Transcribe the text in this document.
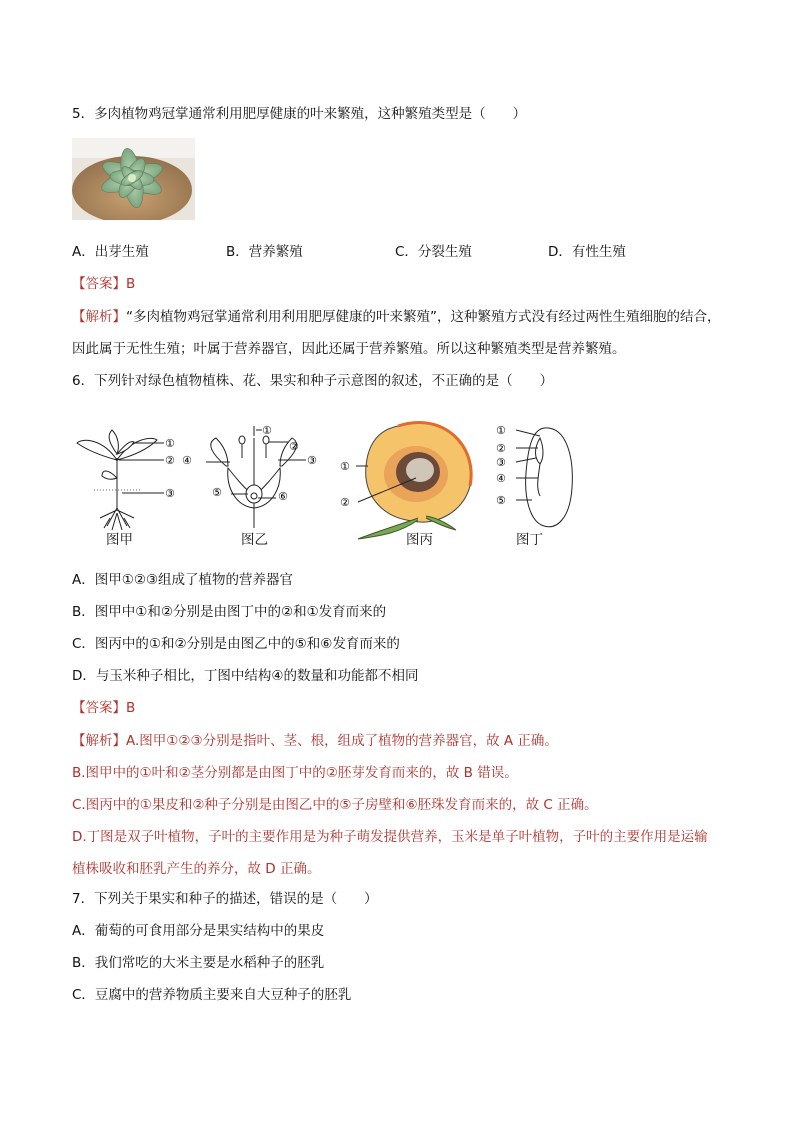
5．多肉植物鸡冠掌通常利用肥厚健康的叶来繁殖，这种繁殖类型是（　　）
A．出芽生殖	B．营养繁殖	C．分裂生殖	D．有性生殖
【答案】B
【解析】“多肉植物鸡冠掌通常利用利用肥厚健康的叶来繁殖”，这种繁殖方式没有经过两性生殖细胞的结合，
因此属于无性生殖；叶属于营养器官，因此还属于营养繁殖。所以这种繁殖类型是营养繁殖。
6．下列针对绿色植物植株、花、果实和种子示意图的叙述，不正确的是（　　）
①
②
③
①
②
③
④
⑤	⑥
①
②
①
②
③
④
⑤
图甲	图乙	图丙	图丁
A．图甲①②③组成了植物的营养器官
B．图甲中①和②分别是由图丁中的②和①发育而来的
C．图丙中的①和②分别是由图乙中的⑤和⑥发育而来的
D．与玉米种子相比，丁图中结构④的数量和功能都不相同
【答案】B
【解析】A.图甲①②③分别是指叶、茎、根，组成了植物的营养器官，故 A 正确。
B.图甲中的①叶和②茎分别都是由图丁中的②胚芽发育而来的，故 B 错误。
C.图丙中的①果皮和②种子分别是由图乙中的⑤子房壁和⑥胚珠发育而来的，故 C 正确。
D.丁图是双子叶植物，子叶的主要作用是为种子萌发提供营养，玉米是单子叶植物，子叶的主要作用是运输
植株吸收和胚乳产生的养分，故 D 正确。
7．下列关于果实和种子的描述，错误的是（　　）
A．葡萄的可食用部分是果实结构中的果皮
B．我们常吃的大米主要是水稻种子的胚乳
C．豆腐中的营养物质主要来自大豆种子的胚乳
